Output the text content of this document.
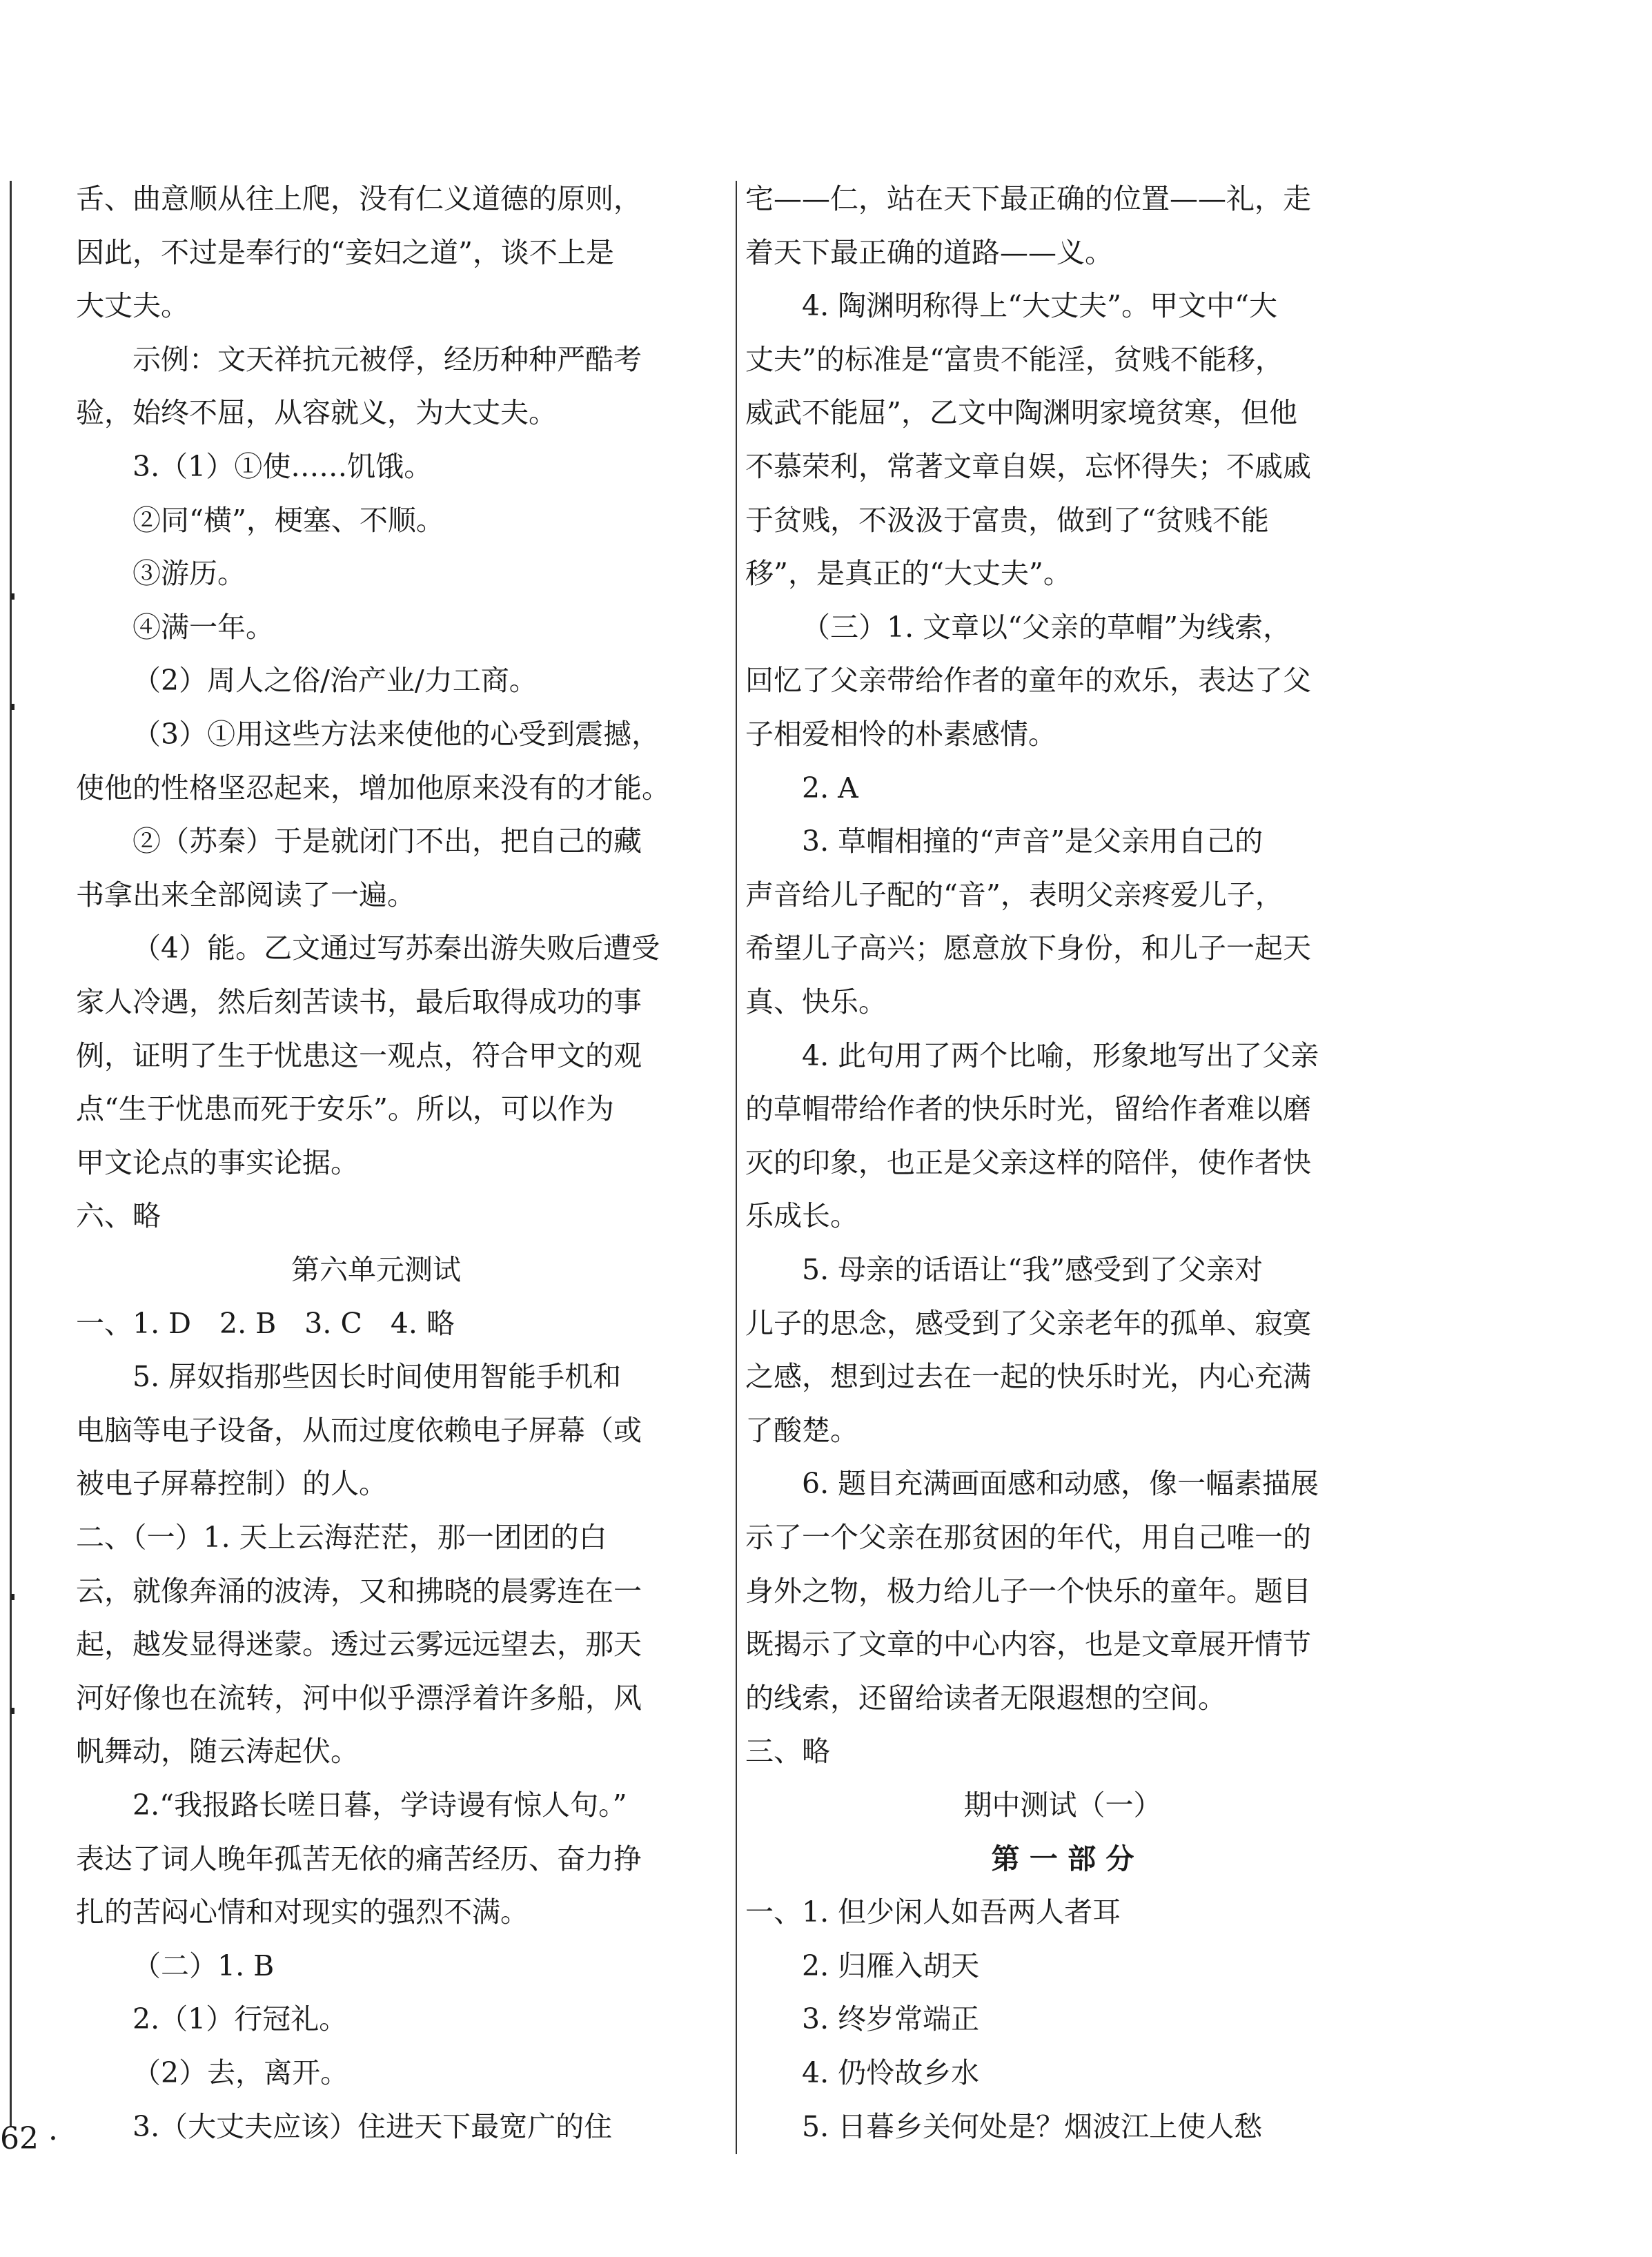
舌、曲意顺从往上爬，没有仁义道德的原则，
因此，不过是奉行的“妾妇之道”，谈不上是
大丈夫。
示例：文天祥抗元被俘，经历种种严酷考
验，始终不屈，从容就义，为大丈夫。
3.（1）①使……饥饿。
②同“横”，梗塞、不顺。
③游历。
④满一年。
（2）周人之俗/治产业/力工商。
（3）①用这些方法来使他的心受到震撼，
使他的性格坚忍起来，增加他原来没有的才能。
②（苏秦）于是就闭门不出，把自己的藏
书拿出来全部阅读了一遍。
（4）能。乙文通过写苏秦出游失败后遭受
家人冷遇，然后刻苦读书，最后取得成功的事
例，证明了生于忧患这一观点，符合甲文的观
点“生于忧患而死于安乐”。所以，可以作为
甲文论点的事实论据。
六、略
第六单元测试
一、1. D　2. B　3. C　4. 略
5. 屏奴指那些因长时间使用智能手机和
电脑等电子设备，从而过度依赖电子屏幕（或
被电子屏幕控制）的人。
二、（一）1. 天上云海茫茫，那一团团的白
云，就像奔涌的波涛，又和拂晓的晨雾连在一
起，越发显得迷蒙。透过云雾远远望去，那天
河好像也在流转，河中似乎漂浮着许多船，风
帆舞动，随云涛起伏。
2.“我报路长嗟日暮，学诗谩有惊人句。”
表达了词人晚年孤苦无依的痛苦经历、奋力挣
扎的苦闷心情和对现实的强烈不满。
（二）1. B
2.（1）行冠礼。
（2）去，离开。
3.（大丈夫应该）住进天下最宽广的住
宅——仁，站在天下最正确的位置——礼，走
着天下最正确的道路——义。
4. 陶渊明称得上“大丈夫”。甲文中“大
丈夫”的标准是“富贵不能淫，贫贱不能移，
威武不能屈”，乙文中陶渊明家境贫寒，但他
不慕荣利，常著文章自娱，忘怀得失；不戚戚
于贫贱，不汲汲于富贵，做到了“贫贱不能
移”，是真正的“大丈夫”。
（三）1. 文章以“父亲的草帽”为线索，
回忆了父亲带给作者的童年的欢乐，表达了父
子相爱相怜的朴素感情。
2. A
3. 草帽相撞的“声音”是父亲用自己的
声音给儿子配的“音”，表明父亲疼爱儿子，
希望儿子高兴；愿意放下身份，和儿子一起天
真、快乐。
4. 此句用了两个比喻，形象地写出了父亲
的草帽带给作者的快乐时光，留给作者难以磨
灭的印象，也正是父亲这样的陪伴，使作者快
乐成长。
5. 母亲的话语让“我”感受到了父亲对
儿子的思念，感受到了父亲老年的孤单、寂寞
之感，想到过去在一起的快乐时光，内心充满
了酸楚。
6. 题目充满画面感和动感，像一幅素描展
示了一个父亲在那贫困的年代，用自己唯一的
身外之物，极力给儿子一个快乐的童年。题目
既揭示了文章的中心内容，也是文章展开情节
的线索，还留给读者无限遐想的空间。
三、略
期中测试（一）
第 一 部 分
一、1. 但少闲人如吾两人者耳
2. 归雁入胡天
3. 终岁常端正
4. 仍怜故乡水
5. 日暮乡关何处是？烟波江上使人愁
62 ·
